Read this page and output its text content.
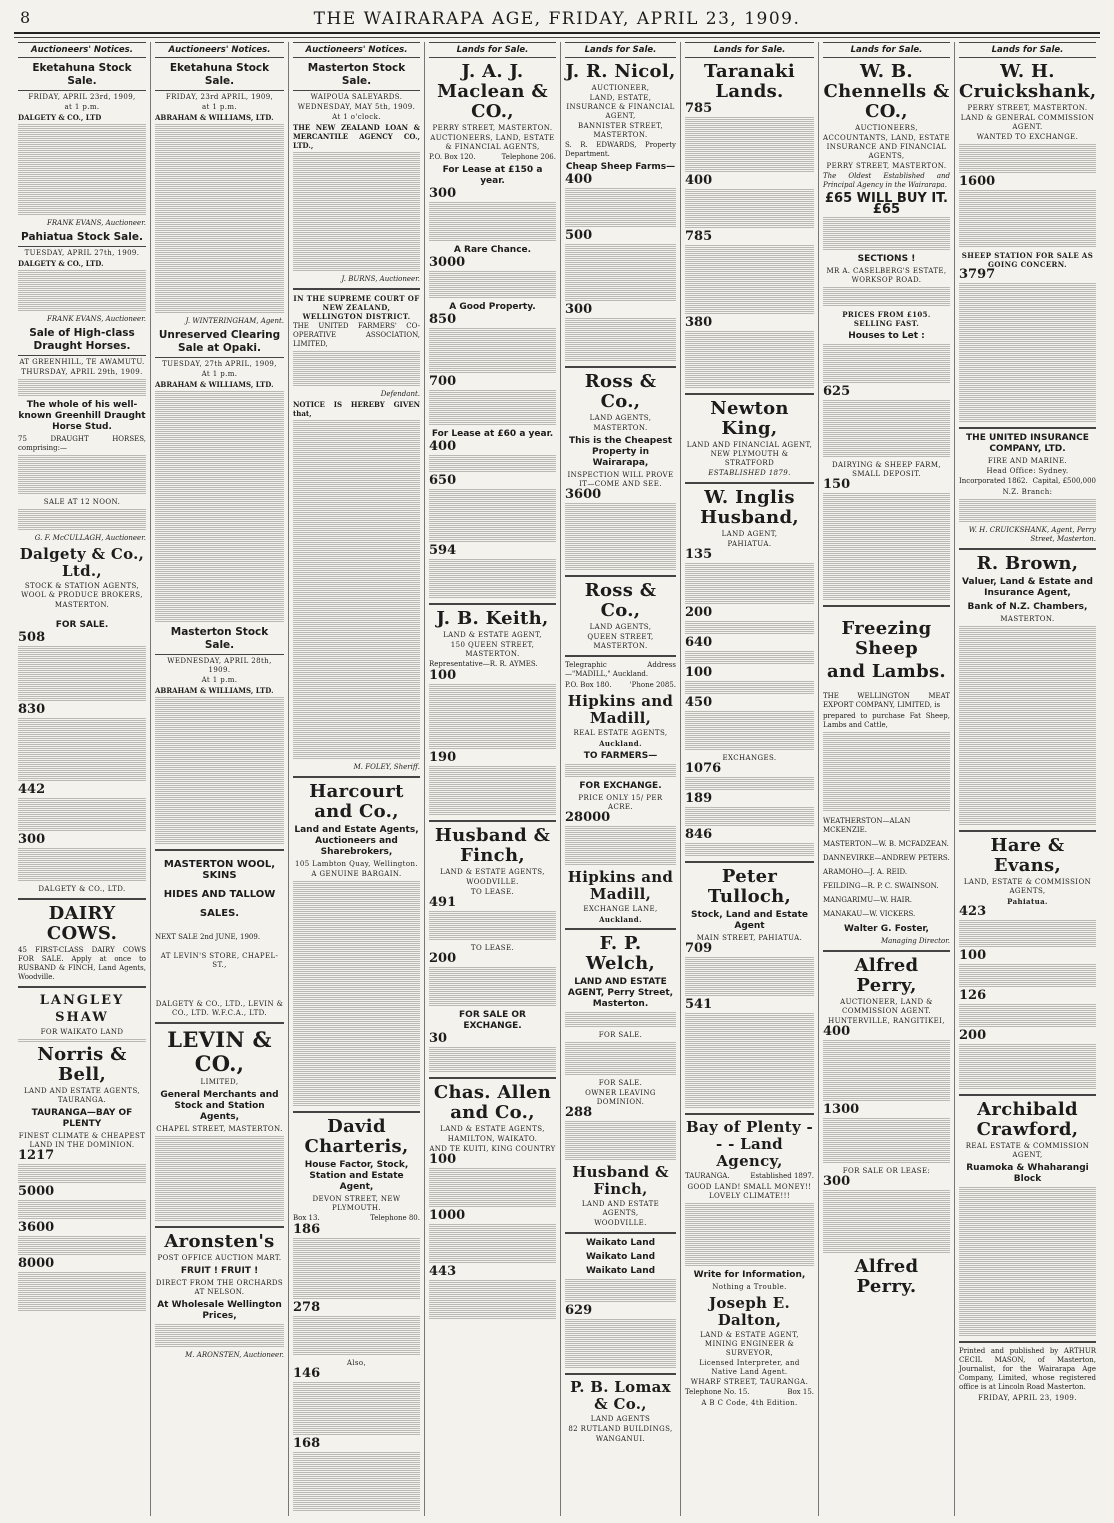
8	THE WAIRARAPA AGE, FRIDAY, APRIL 23, 1909.
Auctioneers' Notices.
Eketahuna Stock Sale.
FRIDAY, APRIL 23rd, 1909,
at 1 p.m.
DALGETY & CO., LTD
FRANK EVANS, Auctioneer.
Pahiatua Stock Sale.
TUESDAY, APRIL 27th, 1909.
DALGETY & CO., LTD.
FRANK EVANS, Auctioneer.
Sale of High-class Draught Horses.
AT GREENHILL, TE AWAMUTU.
THURSDAY, APRIL 29th, 1909.
The whole of his well-known Greenhill Draught Horse Stud.
75 DRAUGHT HORSES, comprising:—
SALE AT 12 NOON.
G. F. McCULLAGH, Auctioneer.
Dalgety & Co., Ltd.,
STOCK & STATION AGENTS, WOOL & PRODUCE BROKERS,
MASTERTON.
FOR SALE.
508
830
442
300
DALGETY & CO., LTD.
DAIRY COWS.
45 FIRST-CLASS DAIRY COWS FOR SALE. Apply at once to RUSBAND & FINCH, Land Agents, Woodville.
LANGLEY SHAW
FOR WAIKATO LAND
Norris & Bell,
LAND AND ESTATE AGENTS, TAURANGA.
TAURANGA—BAY OF PLENTY
FINEST CLIMATE & CHEAPEST LAND IN THE DOMINION.
1217
5000
3600
8000
Auctioneers' Notices.
Eketahuna Stock Sale.
FRIDAY, 23rd APRIL, 1909,
at 1 p.m.
ABRAHAM & WILLIAMS, LTD.
J. WINTERINGHAM, Agent.
Unreserved Clearing Sale at Opaki.
TUESDAY, 27th APRIL, 1909,
At 1 p.m.
ABRAHAM & WILLIAMS, LTD.
Masterton Stock Sale.
WEDNESDAY, APRIL 28th, 1909.
At 1 p.m.
ABRAHAM & WILLIAMS, LTD.
MASTERTON WOOL, SKINS
HIDES AND TALLOW
SALES.
NEXT SALE 2nd JUNE, 1909.
AT LEVIN'S STORE, CHAPEL-ST.,
DALGETY & CO., LTD., LEVIN & CO., LTD. W.F.C.A., LTD.
LEVIN & CO.,
LIMITED,
General Merchants and Stock and Station Agents,
CHAPEL STREET, MASTERTON.
Aronsten's
POST OFFICE AUCTION MART.
FRUIT ! FRUIT !
DIRECT FROM THE ORCHARDS AT NELSON.
At Wholesale Wellington Prices,
M. ARONSTEN, Auctioneer.
Auctioneers' Notices.
Masterton Stock Sale.
WAIPOUA SALEYARDS.
WEDNESDAY, MAY 5th, 1909.
At 1 o'clock.
THE NEW ZEALAND LOAN & MERCANTILE AGENCY CO., LTD.,
J. BURNS, Auctioneer.
IN THE SUPREME COURT OF NEW ZEALAND, WELLINGTON DISTRICT.
THE UNITED FARMERS' CO-OPERATIVE ASSOCIATION, LIMITED,
Defendant.
NOTICE IS HEREBY GIVEN that,
M. FOLEY, Sheriff.
Harcourt and Co.,
Land and Estate Agents, Auctioneers and Sharebrokers,
105 Lambton Quay, Wellington.
A GENUINE BARGAIN.
David Charteris,
House Factor, Stock, Station and Estate Agent,
DEVON STREET, NEW PLYMOUTH.
Box 13.	Telephone 80.
186
278
Also,
146
168
Lands for Sale.
J. A. J. Maclean & CO.,
PERRY STREET, MASTERTON.
AUCTIONEERS, LAND, ESTATE & FINANCIAL AGENTS,
P.O. Box 120.	Telephone 206.
For Lease at £150 a year.
300
A Rare Chance.
3000
A Good Property.
850
700
For Lease at £60 a year.
400
650
594
J. B. Keith,
LAND & ESTATE AGENT,
150 QUEEN STREET, MASTERTON.
Representative—R. R. AYMES.
100
190
Husband & Finch,
LAND & ESTATE AGENTS,
WOODVILLE.
TO LEASE.
491
TO LEASE.
200
FOR SALE OR EXCHANGE.
30
Chas. Allen and Co.,
LAND & ESTATE AGENTS,
HAMILTON, WAIKATO.
AND TE KUITI, KING COUNTRY
100
1000
443
Lands for Sale.
J. R. Nicol,
AUCTIONEER,
LAND, ESTATE, INSURANCE & FINANCIAL AGENT,
BANNISTER STREET, MASTERTON.
S. R. EDWARDS, Property Department.
Cheap Sheep Farms—
400
500
300
Ross & Co.,
LAND AGENTS,
MASTERTON.
This is the Cheapest Property in Wairarapa,
INSPECTION WILL PROVE IT—COME AND SEE.
3600
Ross & Co.,
LAND AGENTS,
QUEEN STREET, MASTERTON.
Telegraphic Address—"MADILL," Auckland.
P.O. Box 180.	'Phone 2085.
Hipkins and Madill,
REAL ESTATE AGENTS,
Auckland.
TO FARMERS—
FOR EXCHANGE.
PRICE ONLY 15/ PER ACRE.
28000
Hipkins and Madill,
EXCHANGE LANE,
Auckland.
F. P. Welch,
LAND AND ESTATE AGENT, Perry Street, Masterton.
FOR SALE.
FOR SALE.
OWNER LEAVING DOMINION.
288
Husband & Finch,
LAND AND ESTATE AGENTS,
WOODVILLE.
Waikato Land
Waikato Land
Waikato Land
629
P. B. Lomax & Co.,
LAND AGENTS
82 RUTLAND BUILDINGS,
WANGANUI.
Lands for Sale.
Taranaki Lands.
785
400
785
380
Newton King,
LAND AND FINANCIAL AGENT, NEW PLYMOUTH & STRATFORD
ESTABLISHED 1879.
W. Inglis Husband,
LAND AGENT,
PAHIATUA.
135
200
640
100
450
EXCHANGES.
1076
189
846
Peter Tulloch,
Stock, Land and Estate Agent
MAIN STREET, PAHIATUA.
709
541
Bay of Plenty - - - Land Agency,
TAURANGA.	Established 1897.
GOOD LAND! SMALL MONEY!! LOVELY CLIMATE!!!
Write for Information,
Nothing a Trouble.
Joseph E. Dalton,
LAND & ESTATE AGENT, MINING ENGINEER & SURVEYOR,
Licensed Interpreter, and Native Land Agent.
WHARF STREET, TAURANGA.
Telephone No. 15.	Box 15.
A B C Code, 4th Edition.
Lands for Sale.
W. B. Chennells & CO.,
AUCTIONEERS,
ACCOUNTANTS, LAND, ESTATE INSURANCE AND FINANCIAL AGENTS,
PERRY STREET, MASTERTON.
The Oldest Established and Principal Agency in the Wairarapa.
£65 WILL BUY IT. £65
SECTIONS !
MR A. CASELBERG'S ESTATE, WORKSOP ROAD.
PRICES FROM £105. SELLING FAST.
Houses to Let :
625
DAIRYING & SHEEP FARM, SMALL DEPOSIT.
150
Freezing Sheep
and Lambs.
THE WELLINGTON MEAT EXPORT COMPANY, LIMITED, is
prepared to purchase Fat Sheep, Lambs and Cattle,
WEATHERSTON—ALAN MCKENZIE.
MASTERTON—W. B. MCFADZEAN.
DANNEVIRKE—ANDREW PETERS.
ARAMOHO—J. A. REID.
FEILDING—R. P. C. SWAINSON.
MANGARIMU—W. HAIR.
MANAKAU—W. VICKERS.
Walter G. Foster,
Managing Director.
Alfred Perry,
AUCTIONEER, LAND & COMMISSION AGENT.
HUNTERVILLE, RANGITIKEI,
400
1300
FOR SALE OR LEASE:
300
Alfred Perry.
Lands for Sale.
W. H. Cruickshank,
PERRY STREET, MASTERTON.
LAND & GENERAL COMMISSION AGENT.
WANTED TO EXCHANGE.
1600
SHEEP STATION FOR SALE AS GOING CONCERN.
3797
THE UNITED INSURANCE COMPANY, LTD.
FIRE AND MARINE.
Head Office: Sydney.
Incorporated 1862. Capital, £500,000
N.Z. Branch:
W. H. CRUICKSHANK, Agent, Perry Street, Masterton.
R. Brown,
Valuer, Land & Estate and Insurance Agent,
Bank of N.Z. Chambers,
MASTERTON.
Hare & Evans,
LAND, ESTATE & COMMISSION AGENTS,
Pahiatua.
423
100
126
200
Archibald Crawford,
REAL ESTATE & COMMISSION AGENT,
Ruamoka & Whaharangi Block
Printed and published by ARTHUR CECIL MASON, of Masterton, Journalist, for the Wairarapa Age Company, Limited, whose registered office is at Lincoln Road Masterton.
FRIDAY, APRIL 23, 1909.
